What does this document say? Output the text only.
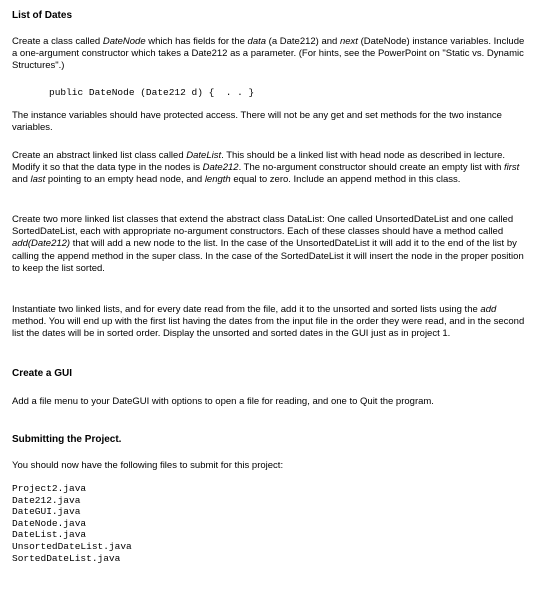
List of Dates

Create a class called DateNode which has fields for the data (a Date212) and next (DateNode) instance variables. Include a one-argument constructor which takes a Date212 as a parameter. (For hints, see the PowerPoint on "Static vs. Dynamic Structures".)

public DateNode (Date212 d) {  . . }

The instance variables should have protected access. There will not be any get and set methods for the two instance variables.

Create an abstract linked list class called DateList. This should be a linked list with head node as described in lecture. Modify it so that the data type in the nodes is Date212. The no-argument constructor should create an empty list with first and last pointing to an empty head node, and length equal to zero. Include an append method in this class.

Create two more linked list classes that extend the abstract class DataList: One called UnsortedDateList and one called SortedDateList, each with appropriate no-argument constructors. Each of these classes should have a method called add(Date212) that will add a new node to the list. In the case of the UnsortedDateList it will add it to the end of the list by calling the append method in the super class. In the case of the SortedDateList it will insert the node in the proper position to keep the list sorted.

Instantiate two linked lists, and for every date read from the file, add it to the unsorted and sorted lists using the add method. You will end up with the first list having the dates from the input file in the order they were read, and in the second list the dates will be in sorted order. Display the unsorted and sorted dates in the GUI just as in project 1.

Create a GUI

Add a file menu to your DateGUI with options to open a file for reading, and one to Quit the program.

Submitting the Project.

You should now have the following files to submit for this project:

Project2.java
Date212.java
DateGUI.java
DateNode.java
DateList.java
UnsortedDateList.java
SortedDateList.java
